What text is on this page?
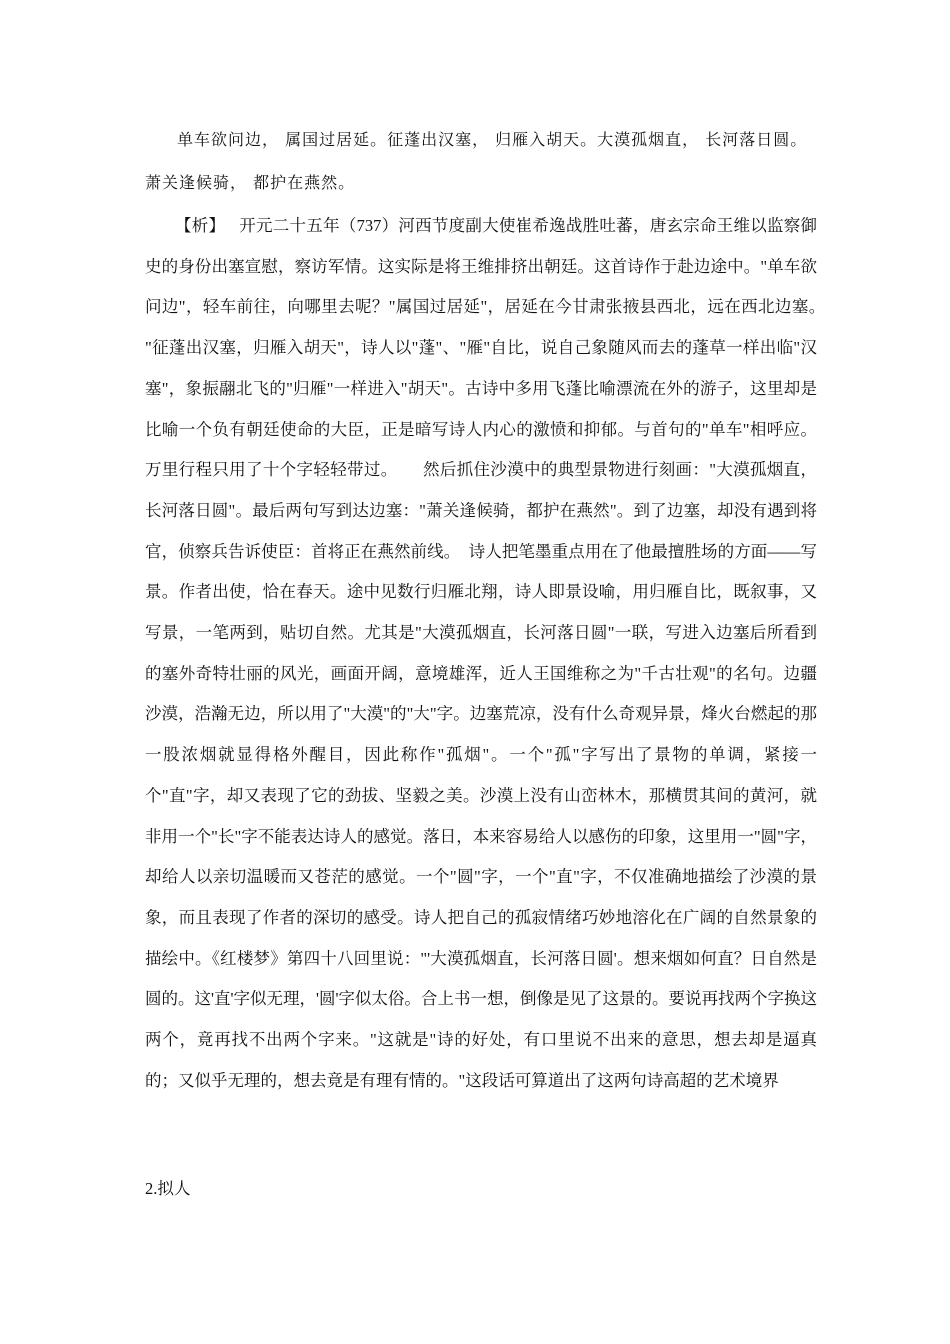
单车欲问边， 属国过居延。征蓬出汉塞， 归雁入胡天。大漠孤烟直， 长河落日圆。
萧关逢候骑， 都护在燕然。

【析】 开元二十五年（737）河西节度副大使崔希逸战胜吐蕃，唐玄宗命王维以监察御史的身份出塞宣慰，察访军情。这实际是将王维排挤出朝廷。这首诗作于赴边途中。"单车欲问边"，轻车前往，向哪里去呢？"属国过居延"，居延在今甘肃张掖县西北，远在西北边塞。　　"征蓬出汉塞，归雁入胡天"，诗人以"蓬"、"雁"自比，说自己象随风而去的蓬草一样出临"汉塞"，象振翮北飞的"归雁"一样进入"胡天"。古诗中多用飞蓬比喻漂流在外的游子，这里却是比喻一个负有朝廷使命的大臣，正是暗写诗人内心的激愤和抑郁。与首句的"单车"相呼应。万里行程只用了十个字轻轻带过。　　然后抓住沙漠中的典型景物进行刻画："大漠孤烟直，长河落日圆"。最后两句写到达边塞："萧关逢候骑，都护在燕然"。到了边塞，却没有遇到将官，侦察兵告诉使臣：首将正在燕然前线。　诗人把笔墨重点用在了他最擅胜场的方面——写景。作者出使，恰在春天。途中见数行归雁北翔，诗人即景设喻，用归雁自比，既叙事，又写景，一笔两到，贴切自然。尤其是"大漠孤烟直，长河落日圆"一联，写进入边塞后所看到的塞外奇特壮丽的风光，画面开阔，意境雄浑，近人王国维称之为"千古壮观"的名句。边疆沙漠，浩瀚无边，所以用了"大漠"的"大"字。边塞荒凉，没有什么奇观异景，烽火台燃起的那一股浓烟就显得格外醒目，因此称作"孤烟"。一个"孤"字写出了景物的单调，紧接一个"直"字，却又表现了它的劲拔、坚毅之美。沙漠上没有山峦林木，那横贯其间的黄河，就非用一个"长"字不能表达诗人的感觉。落日，本来容易给人以感伤的印象，这里用一"圆"字，却给人以亲切温暖而又苍茫的感觉。一个"圆"字，一个"直"字，不仅准确地描绘了沙漠的景象，而且表现了作者的深切的感受。诗人把自己的孤寂情绪巧妙地溶化在广阔的自然景象的描绘中。《红楼梦》第四十八回里说："'大漠孤烟直，长河落日圆'。想来烟如何直？日自然是圆的。这'直'字似无理，'圆'字似太俗。合上书一想，倒像是见了这景的。要说再找两个字换这两个，竟再找不出两个字来。"这就是"诗的好处，有口里说不出来的意思，想去却是逼真的；又似乎无理的，想去竟是有理有情的。"这段话可算道出了这两句诗高超的艺术境界

2.拟人
